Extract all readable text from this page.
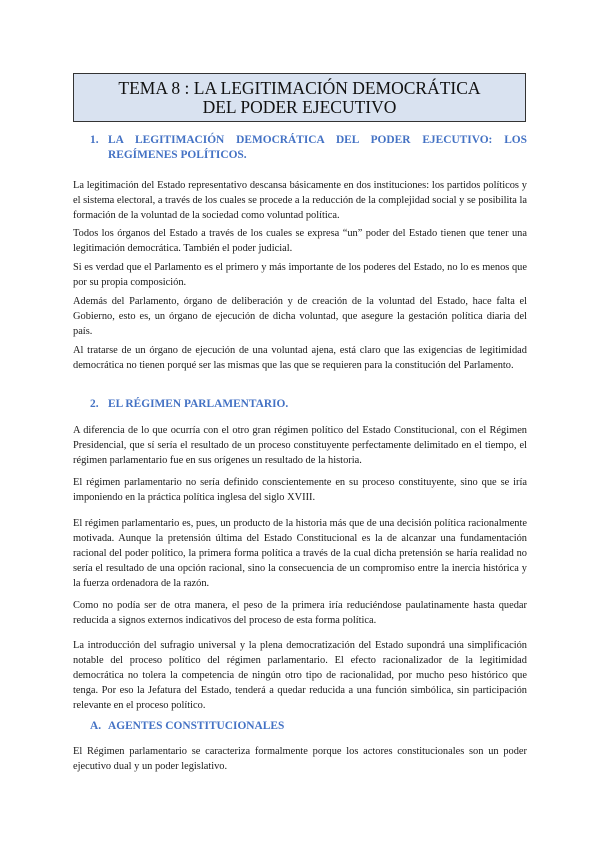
TEMA 8 : LA LEGITIMACIÓN DEMOCRÁTICA DEL PODER EJECUTIVO
1. LA LEGITIMACIÓN DEMOCRÁTICA DEL PODER EJECUTIVO: LOS REGÍMENES POLÍTICOS.

La legitimación del Estado representativo descansa básicamente en dos instituciones: los partidos políticos y el sistema electoral, a través de los cuales se procede a la reducción de la complejidad social y se posibilita la formación de la voluntad de la sociedad como voluntad política.

Todos los órganos del Estado a través de los cuales se expresa “un” poder del Estado tienen que tener una legitimación democrática. También el poder judicial.

Si es verdad que el Parlamento es el primero y más importante de los poderes del Estado, no lo es menos que por su propia composición.

Además del Parlamento, órgano de deliberación y de creación de la voluntad del Estado, hace falta el Gobierno, esto es, un órgano de ejecución de dicha voluntad, que asegure la gestación política diaria del país.

Al tratarse de un órgano de ejecución de una voluntad ajena, está claro que las exigencias de legitimidad democrática no tienen porqué ser las mismas que las que se requieren para la constitución del Parlamento.

2. EL RÉGIMEN PARLAMENTARIO.

A diferencia de lo que ocurría con el otro gran régimen político del Estado Constitucional, con el Régimen Presidencial, que sí sería el resultado de un proceso constituyente perfectamente delimitado en el tiempo, el régimen parlamentario fue en sus orígenes un resultado de la historia.

El régimen parlamentario no sería definido conscientemente en su proceso constituyente, sino que se iría imponiendo en la práctica política inglesa del siglo XVIII.

El régimen parlamentario es, pues, un producto de la historia más que de una decisión política racionalmente motivada. Aunque la pretensión última del Estado Constitucional es la de alcanzar una fundamentación racional del poder político, la primera forma política a través de la cual dicha pretensión se haría realidad no sería el resultado de una opción racional, sino la consecuencia de un compromiso entre la inercia histórica y la fuerza ordenadora de la razón.

Como no podía ser de otra manera, el peso de la primera iría reduciéndose paulatinamente hasta quedar reducida a signos externos indicativos del proceso de esta forma política.

La introducción del sufragio universal y la plena democratización del Estado supondrá una simplificación notable del proceso político del régimen parlamentario. El efecto racionalizador de la legitimidad democrática no tolera la competencia de ningún otro tipo de racionalidad, por mucho peso histórico que tenga. Por eso la Jefatura del Estado, tenderá a quedar reducida a una función simbólica, sin participación relevante en el proceso político.

A. AGENTES CONSTITUCIONALES

El Régimen parlamentario se caracteriza formalmente porque los actores constitucionales son un poder ejecutivo dual y un poder legislativo.
